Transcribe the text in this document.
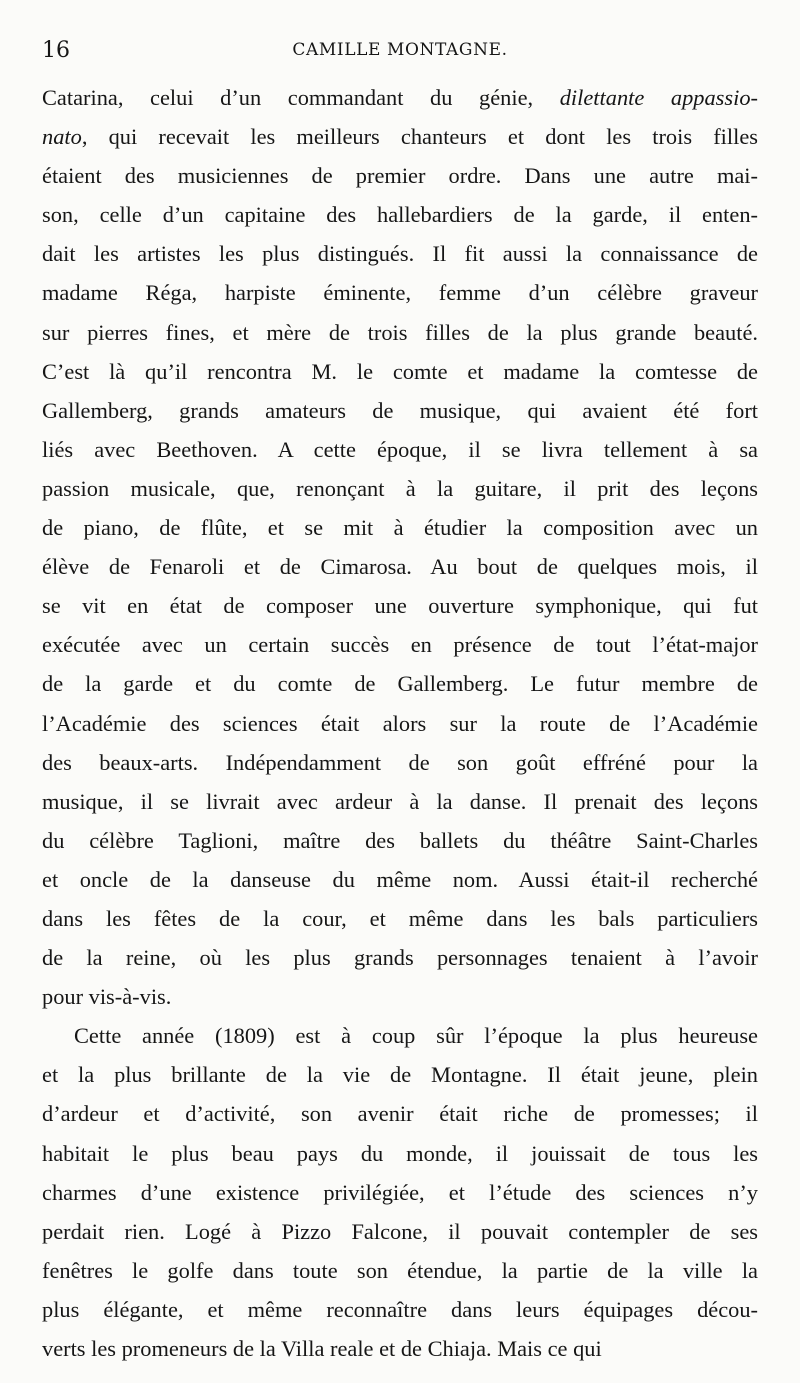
16	CAMILLE MONTAGNE.
Catarina, celui d’un commandant du génie, dilettante appassio-
nato, qui recevait les meilleurs chanteurs et dont les trois filles
étaient des musiciennes de premier ordre. Dans une autre mai-
son, celle d’un capitaine des hallebardiers de la garde, il enten-
dait les artistes les plus distingués. Il fit aussi la connaissance de
madame Réga, harpiste éminente, femme d’un célèbre graveur
sur pierres fines, et mère de trois filles de la plus grande beauté.
C’est là qu’il rencontra M. le comte et madame la comtesse de
Gallemberg, grands amateurs de musique, qui avaient été fort
liés avec Beethoven. A cette époque, il se livra tellement à sa
passion musicale, que, renonçant à la guitare, il prit des leçons
de piano, de flûte, et se mit à étudier la composition avec un
élève de Fenaroli et de Cimarosa. Au bout de quelques mois, il
se vit en état de composer une ouverture symphonique, qui fut
exécutée avec un certain succès en présence de tout l’état-major
de la garde et du comte de Gallemberg. Le futur membre de
l’Académie des sciences était alors sur la route de l’Académie
des beaux-arts. Indépendamment de son goût effréné pour la
musique, il se livrait avec ardeur à la danse. Il prenait des leçons
du célèbre Taglioni, maître des ballets du théâtre Saint-Charles
et oncle de la danseuse du même nom. Aussi était-il recherché
dans les fêtes de la cour, et même dans les bals particuliers
de la reine, où les plus grands personnages tenaient à l’avoir
pour vis-à-vis.
Cette année (1809) est à coup sûr l’époque la plus heureuse
et la plus brillante de la vie de Montagne. Il était jeune, plein
d’ardeur et d’activité, son avenir était riche de promesses; il
habitait le plus beau pays du monde, il jouissait de tous les
charmes d’une existence privilégiée, et l’étude des sciences n’y
perdait rien. Logé à Pizzo Falcone, il pouvait contempler de ses
fenêtres le golfe dans toute son étendue, la partie de la ville la
plus élégante, et même reconnaître dans leurs équipages décou-
verts les promeneurs de la Villa reale et de Chiaja. Mais ce qui
